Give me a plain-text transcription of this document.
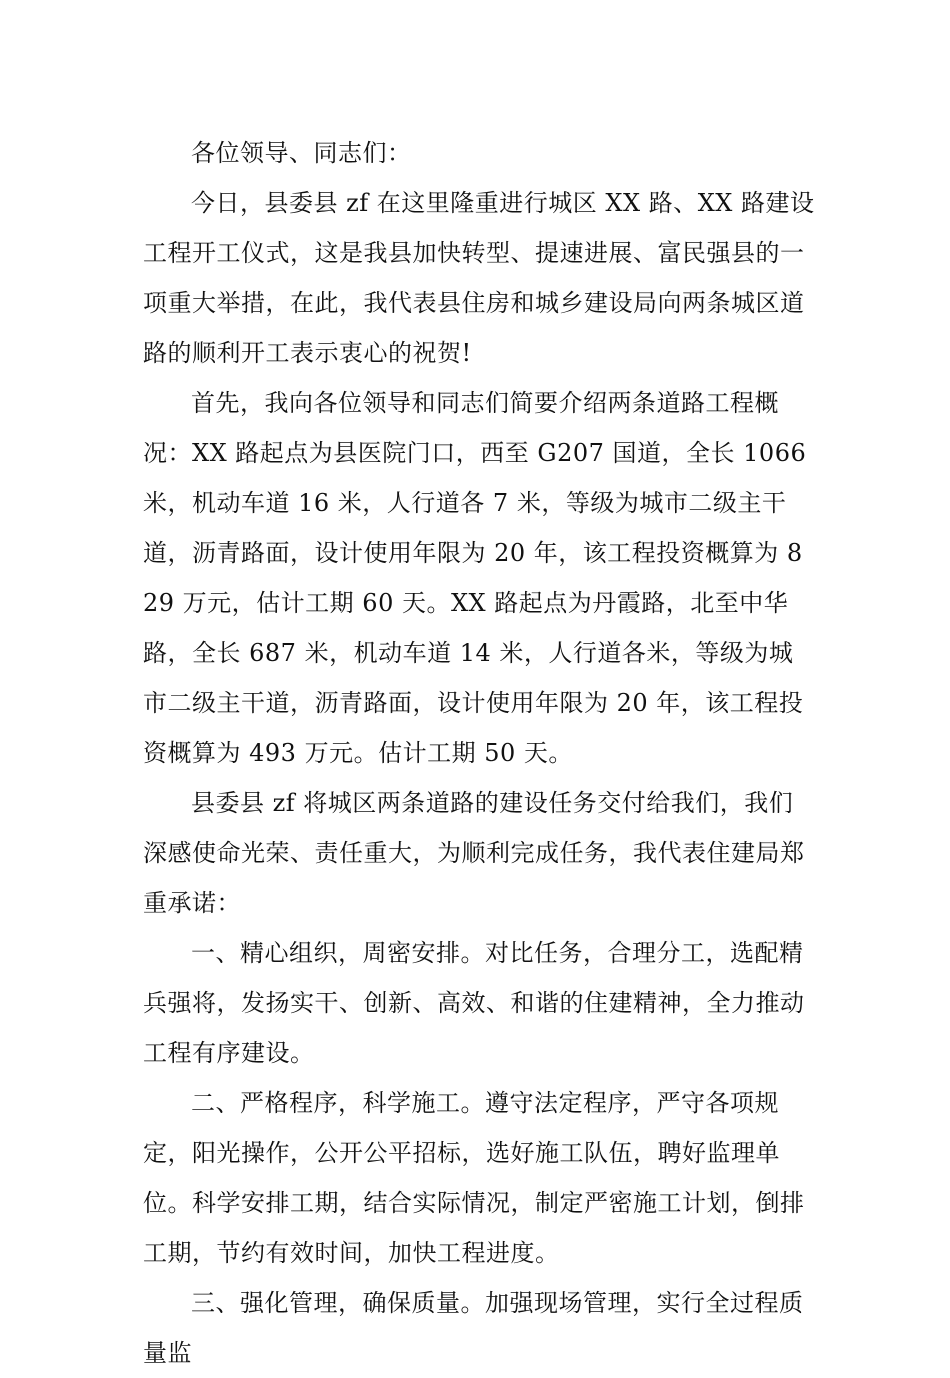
各位领导、同志们：

今日，县委县 zf 在这里隆重进行城区 XX 路、XX 路建设工程开工仪式，这是我县加快转型、提速进展、富民强县的一项重大举措，在此，我代表县住房和城乡建设局向两条城区道路的顺利开工表示衷心的祝贺!

首先，我向各位领导和同志们简要介绍两条道路工程概况：XX 路起点为县医院门口，西至 G207 国道，全长 1066 米，机动车道 16 米，人行道各 7 米，等级为城市二级主干道，沥青路面，设计使用年限为 20 年，该工程投资概算为 829 万元，估计工期 60 天。XX 路起点为丹霞路，北至中华路，全长 687 米，机动车道 14 米，人行道各米，等级为城市二级主干道，沥青路面，设计使用年限为 20 年，该工程投资概算为 493 万元。估计工期 50 天。

县委县 zf 将城区两条道路的建设任务交付给我们，我们深感使命光荣、责任重大，为顺利完成任务，我代表住建局郑重承诺：

一、精心组织，周密安排。对比任务，合理分工，选配精兵强将，发扬实干、创新、高效、和谐的住建精神，全力推动工程有序建设。

二、严格程序，科学施工。遵守法定程序，严守各项规定，阳光操作，公开公平招标，选好施工队伍，聘好监理单位。科学安排工期，结合实际情况，制定严密施工计划，倒排工期，节约有效时间，加快工程进度。

三、强化管理，确保质量。加强现场管理，实行全过程质量监
